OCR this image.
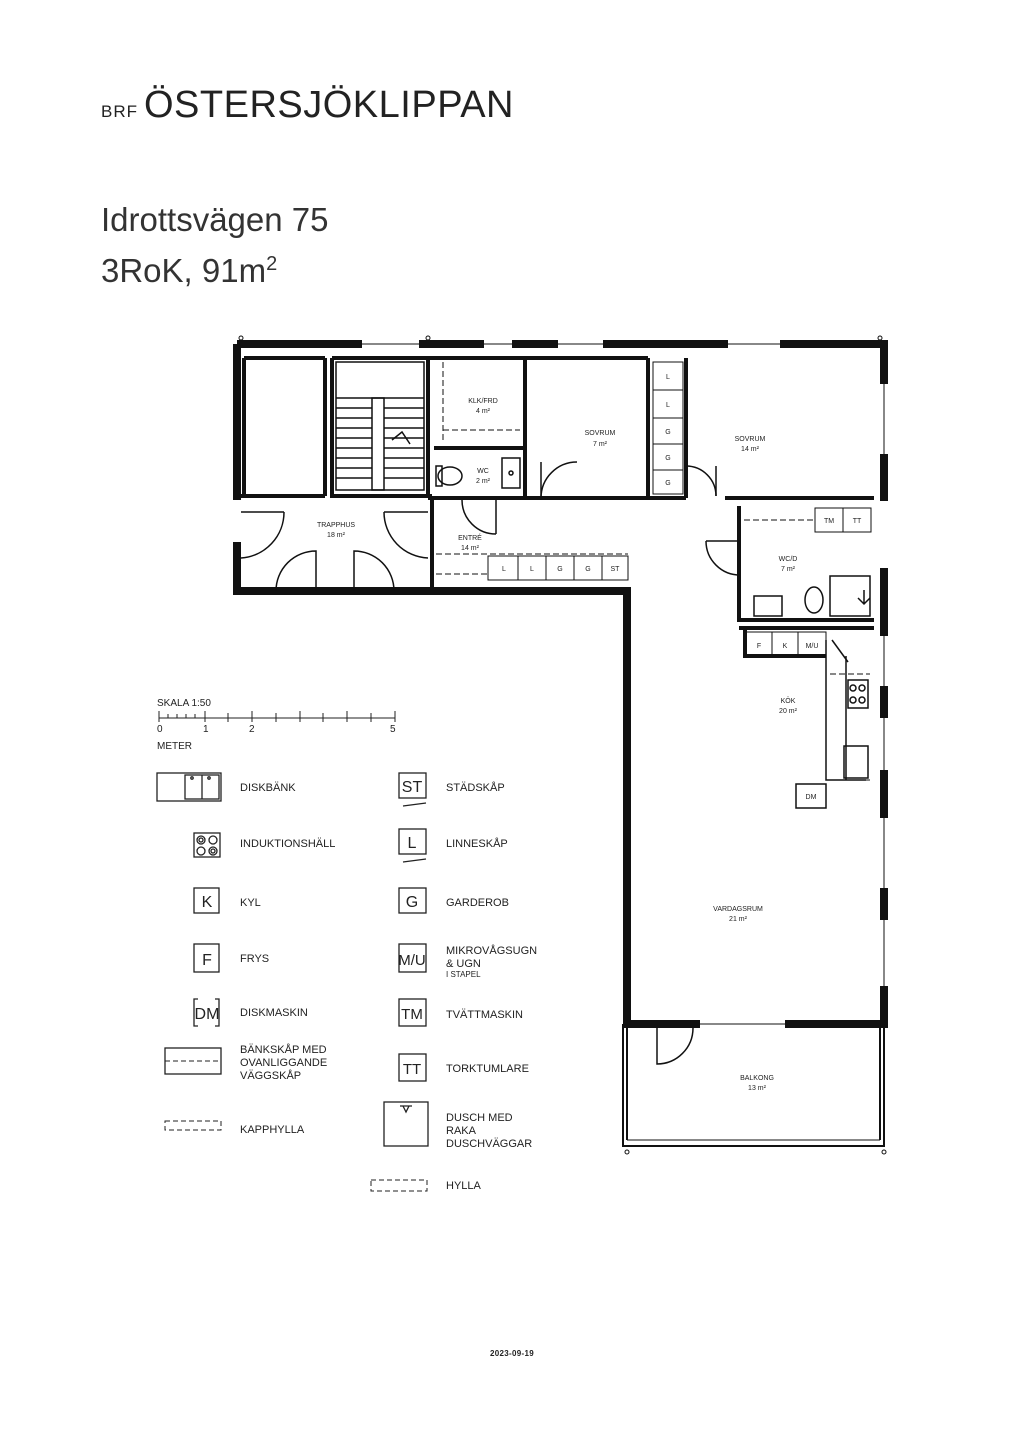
BRF ÖSTERSJÖKLIPPAN
Idrottsvägen 75
3RoK, $91m^2$
KLK/FRD
4 m²
SOVRUM
7 m²
SOVRUM
14 m²
WC
2 m²
TRAPPHUS
18 m²	ENTRÉ
14 m²
WC/D
7 m²
KÖK
20 m²
VARDAGSRUM
21 m²
BALKONG
13 m²
L
L
G
G
G
L	L	G	G	ST
TM	TT
F	K	M/U
DM
SKALA 1:50
0	1	2	5
METER
K
F
DM
ST
L
G
M/U
TM
TT
DISKBÄNK
INDUKTIONSHÄLL
KYL
FRYS
DISKMASKIN
BÄNKSKÅP MED
OVANLIGGANDE
VÄGGSKÅP
KAPPHYLLA
STÄDSKÅP
LINNESKÅP
GARDEROB
MIKROVÅGSUGN
& UGN
I STAPEL
TVÄTTMASKIN
TORKTUMLARE
DUSCH MED
RAKA
DUSCHVÄGGAR
HYLLA
2023-09-19
